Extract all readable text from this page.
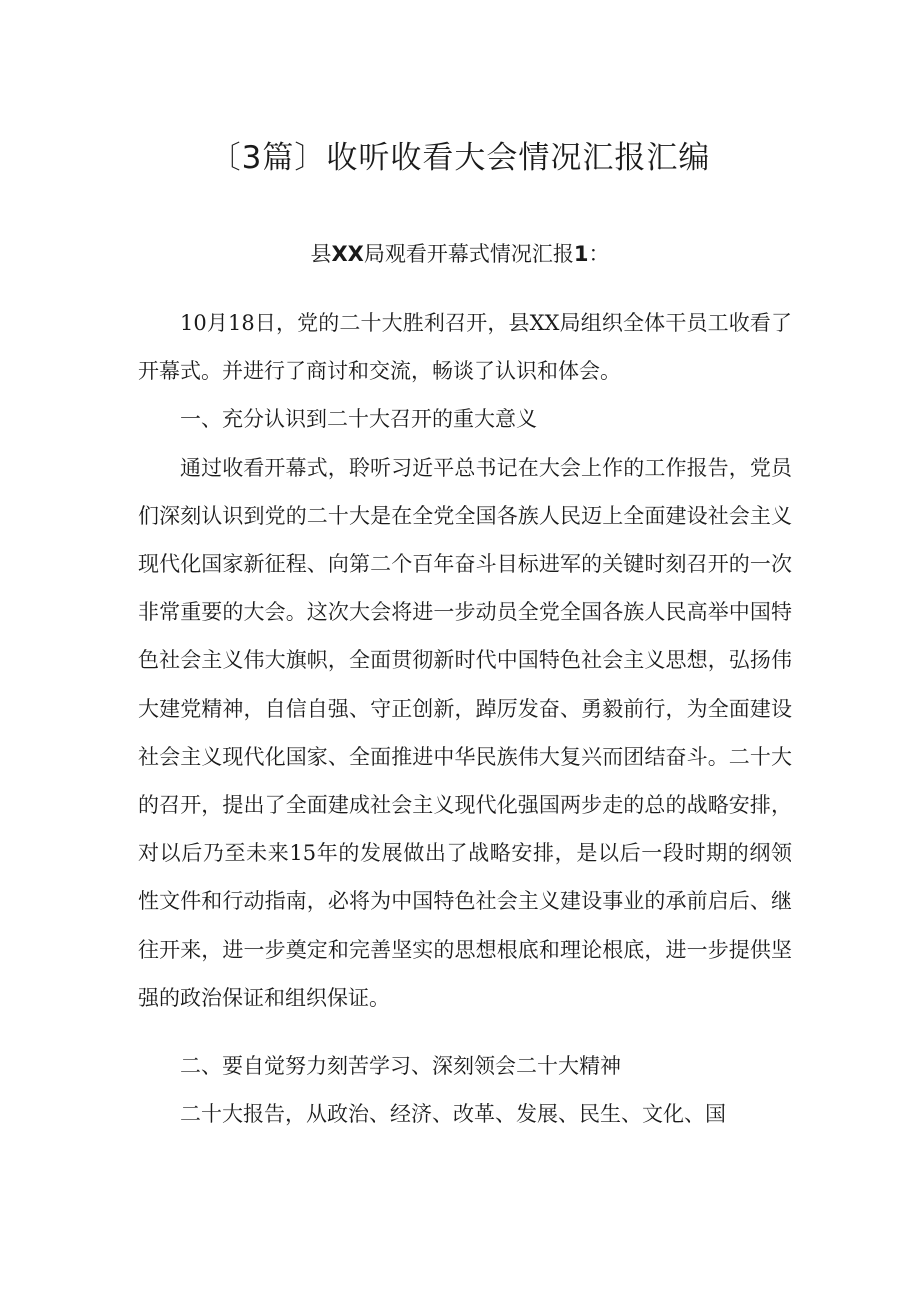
〔3篇〕收听收看大会情况汇报汇编
县XX局观看开幕式情况汇报1：

10月18日，党的二十大胜利召开，县XX局组织全体干员工收看了开幕式。并进行了商讨和交流，畅谈了认识和体会。

一、充分认识到二十大召开的重大意义

通过收看开幕式，聆听习近平总书记在大会上作的工作报告，党员们深刻认识到党的二十大是在全党全国各族人民迈上全面建设社会主义现代化国家新征程、向第二个百年奋斗目标进军的关键时刻召开的一次非常重要的大会。这次大会将进一步动员全党全国各族人民高举中国特色社会主义伟大旗帜，全面贯彻新时代中国特色社会主义思想，弘扬伟大建党精神，自信自强、守正创新，踔厉发奋、勇毅前行，为全面建设社会主义现代化国家、全面推进中华民族伟大复兴而团结奋斗。二十大的召开，提出了全面建成社会主义现代化强国两步走的总的战略安排，对以后乃至未来15年的发展做出了战略安排，是以后一段时期的纲领性文件和行动指南，必将为中国特色社会主义建设事业的承前启后、继往开来，进一步奠定和完善坚实的思想根底和理论根底，进一步提供坚强的政治保证和组织保证。

二、要自觉努力刻苦学习、深刻领会二十大精神

二十大报告，从政治、经济、改革、发展、民生、文化、国
